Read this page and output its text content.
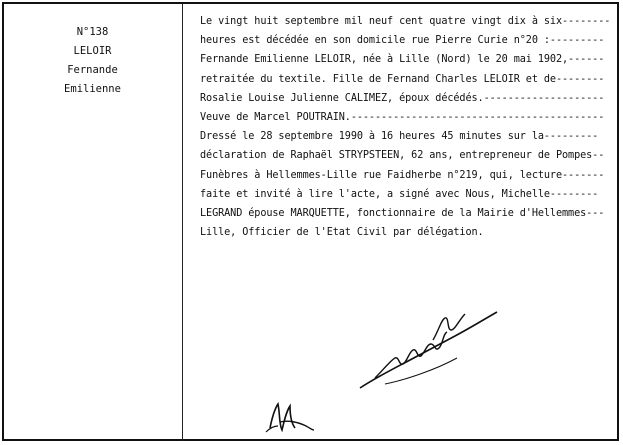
N°138
LELOIR
Fernande
Emilienne
Le vingt huit septembre mil neuf cent quatre vingt dix à six--------
heures est décédée en son domicile rue Pierre Curie n°20 :---------
Fernande Emilienne LELOIR, née à Lille (Nord) le 20 mai 1902,------
retraitée du textile. Fille de Fernand Charles LELOIR et de--------
Rosalie Louise Julienne CALIMEZ, époux décédés.--------------------
Veuve de Marcel POUTRAIN.------------------------------------------
Dressé le 28 septembre 1990 à 16 heures 45 minutes sur la---------
déclaration de Raphaël STRYPSTEEN, 62 ans, entrepreneur de Pompes--
Funèbres à Hellemmes-Lille rue Faidherbe n°219, qui, lecture-------
faite et invité à lire l'acte, a signé avec Nous, Michelle--------
LEGRAND épouse MARQUETTE, fonctionnaire de la Mairie d'Hellemmes---
Lille, Officier de l'Etat Civil par délégation.
